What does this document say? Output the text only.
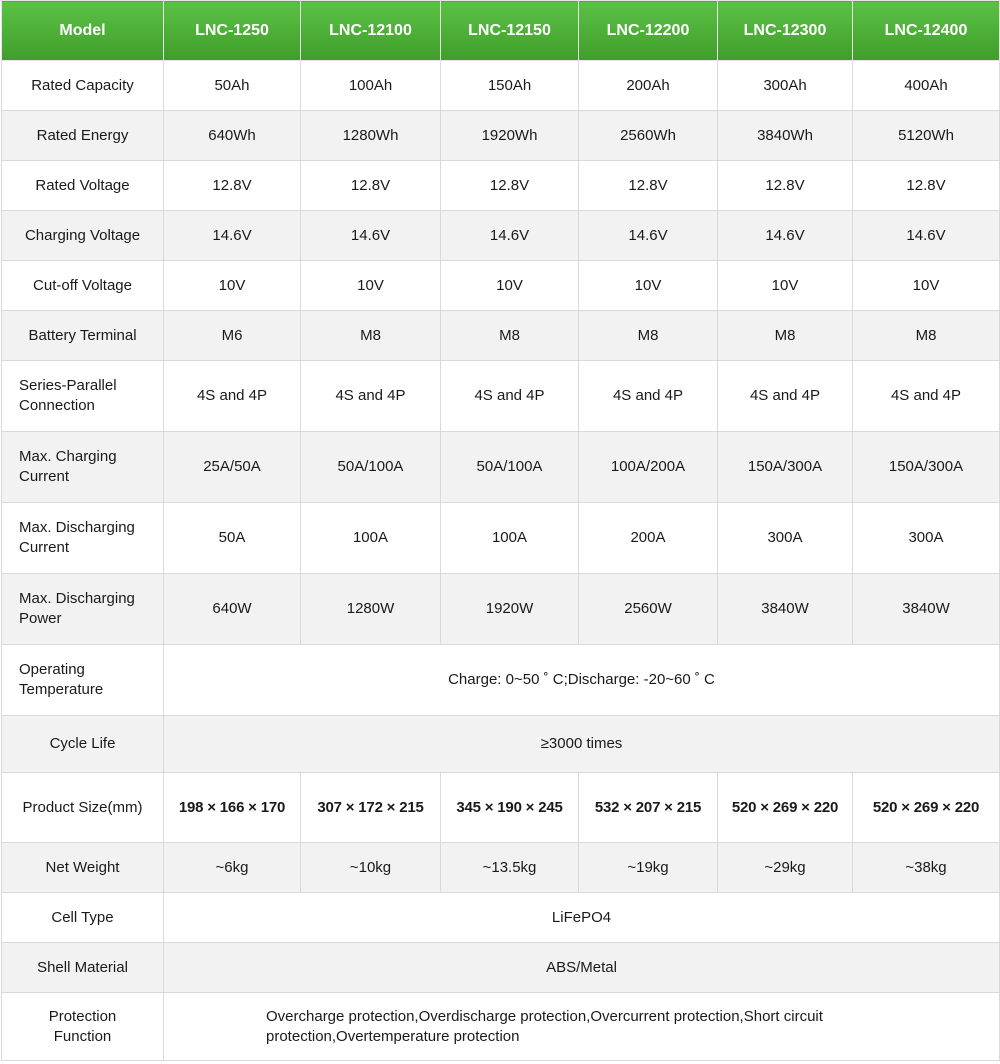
Model	LNC-1250	LNC-12100	LNC-12150	LNC-12200	LNC-12300	LNC-12400
Rated Capacity	50Ah	100Ah	150Ah	200Ah	300Ah	400Ah
Rated Energy	640Wh	1280Wh	1920Wh	2560Wh	3840Wh	5120Wh
Rated Voltage	12.8V	12.8V	12.8V	12.8V	12.8V	12.8V
Charging Voltage	14.6V	14.6V	14.6V	14.6V	14.6V	14.6V
Cut-off Voltage	10V	10V	10V	10V	10V	10V
Battery Terminal	M6	M8	M8	M8	M8	M8
Series-Parallel Connection	4S and 4P	4S and 4P	4S and 4P	4S and 4P	4S and 4P	4S and 4P
Max. Charging Current	25A/50A	50A/100A	50A/100A	100A/200A	150A/300A	150A/300A
Max. Discharging Current	50A	100A	100A	200A	300A	300A
Max. Discharging Power	640W	1280W	1920W	2560W	3840W	3840W
Operating Temperature	Charge: 0~50 ˚ C;Discharge: -20~60 ˚ C					
Cycle Life	≥3000 times					
Product Size(mm)	198 × 166 × 170	307 × 172 × 215	345 × 190 × 245	532 × 207 × 215	520 × 269 × 220	520 × 269 × 220
Net Weight	~6kg	~10kg	~13.5kg	~19kg	~29kg	~38kg
Cell Type	LiFePO4					
Shell Material	ABS/Metal					
Protection Function	Overcharge protection,Overdischarge protection,Overcurrent protection,Short circuit protection,Overtemperature protection					
